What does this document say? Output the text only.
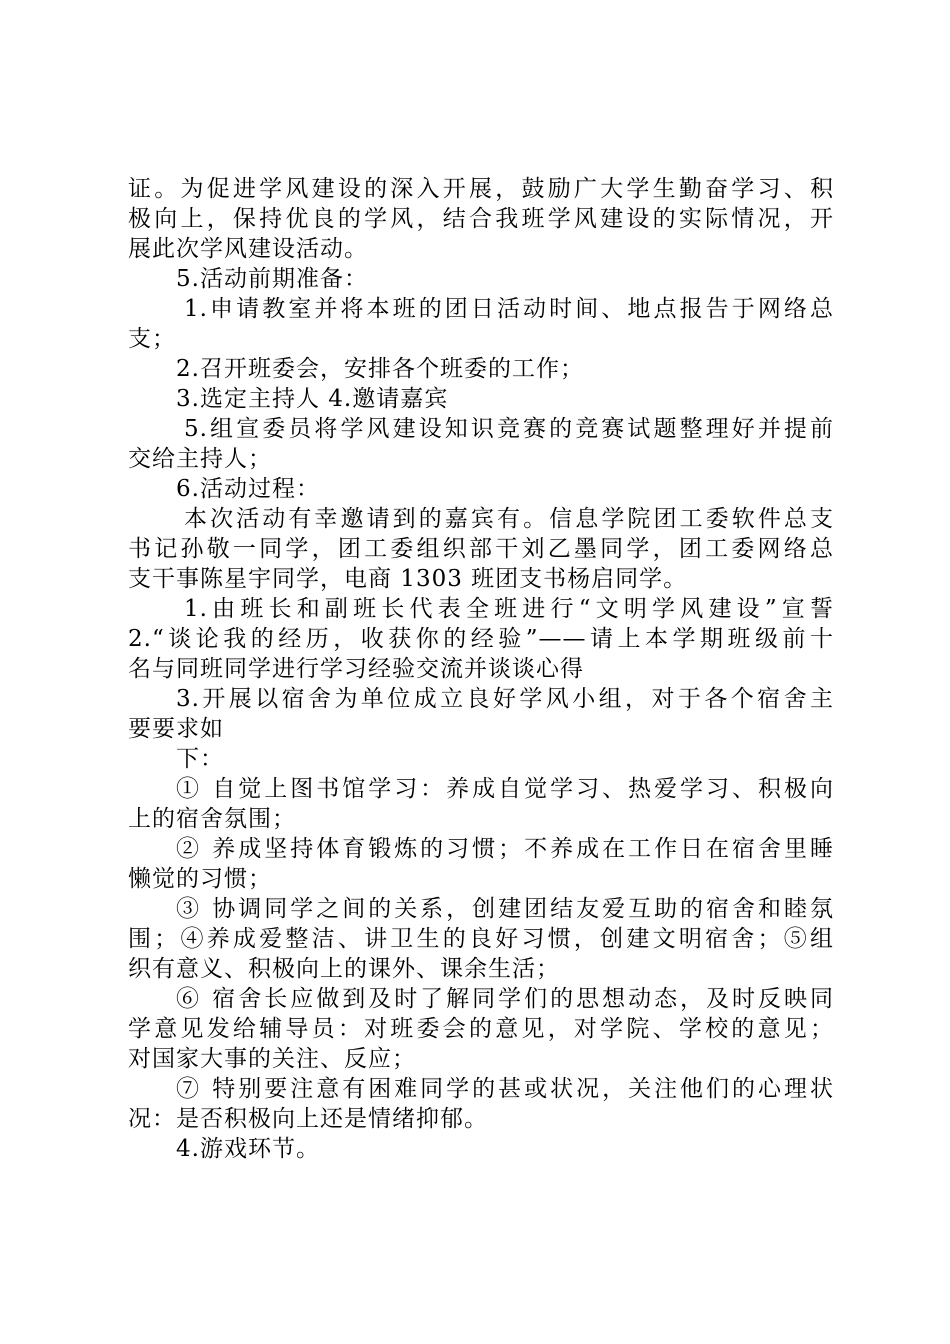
证。为促进学风建设的深入开展，鼓励广大学生勤奋学习、积
极向上，保持优良的学风，结合我班学风建设的实际情况，开
展此次学风建设活动。
5.活动前期准备：
1.申请教室并将本班的团日活动时间、地点报告于网络总
支；
2.召开班委会，安排各个班委的工作；
3.选定主持人 4.邀请嘉宾
5.组宣委员将学风建设知识竞赛的竞赛试题整理好并提前
交给主持人；
6.活动过程：
本次活动有幸邀请到的嘉宾有。信息学院团工委软件总支
书记孙敬一同学，团工委组织部干刘乙墨同学，团工委网络总
支干事陈星宇同学，电商 1303 班团支书杨启同学。
1.由班长和副班长代表全班进行“文明学风建设”宣誓
2.“谈论我的经历，收获你的经验”——请上本学期班级前十
名与同班同学进行学习经验交流并谈谈心得
3.开展以宿舍为单位成立良好学风小组，对于各个宿舍主
要要求如
下：
① 自觉上图书馆学习：养成自觉学习、热爱学习、积极向
上的宿舍氛围；
② 养成坚持体育锻炼的习惯；不养成在工作日在宿舍里睡
懒觉的习惯；
③ 协调同学之间的关系，创建团结友爱互助的宿舍和睦氛
围；④养成爱整洁、讲卫生的良好习惯，创建文明宿舍；⑤组
织有意义、积极向上的课外、课余生活；
⑥ 宿舍长应做到及时了解同学们的思想动态，及时反映同
学意见发给辅导员：对班委会的意见，对学院、学校的意见；
对国家大事的关注、反应；
⑦ 特别要注意有困难同学的甚或状况，关注他们的心理状
况：是否积极向上还是情绪抑郁。
4.游戏环节。
